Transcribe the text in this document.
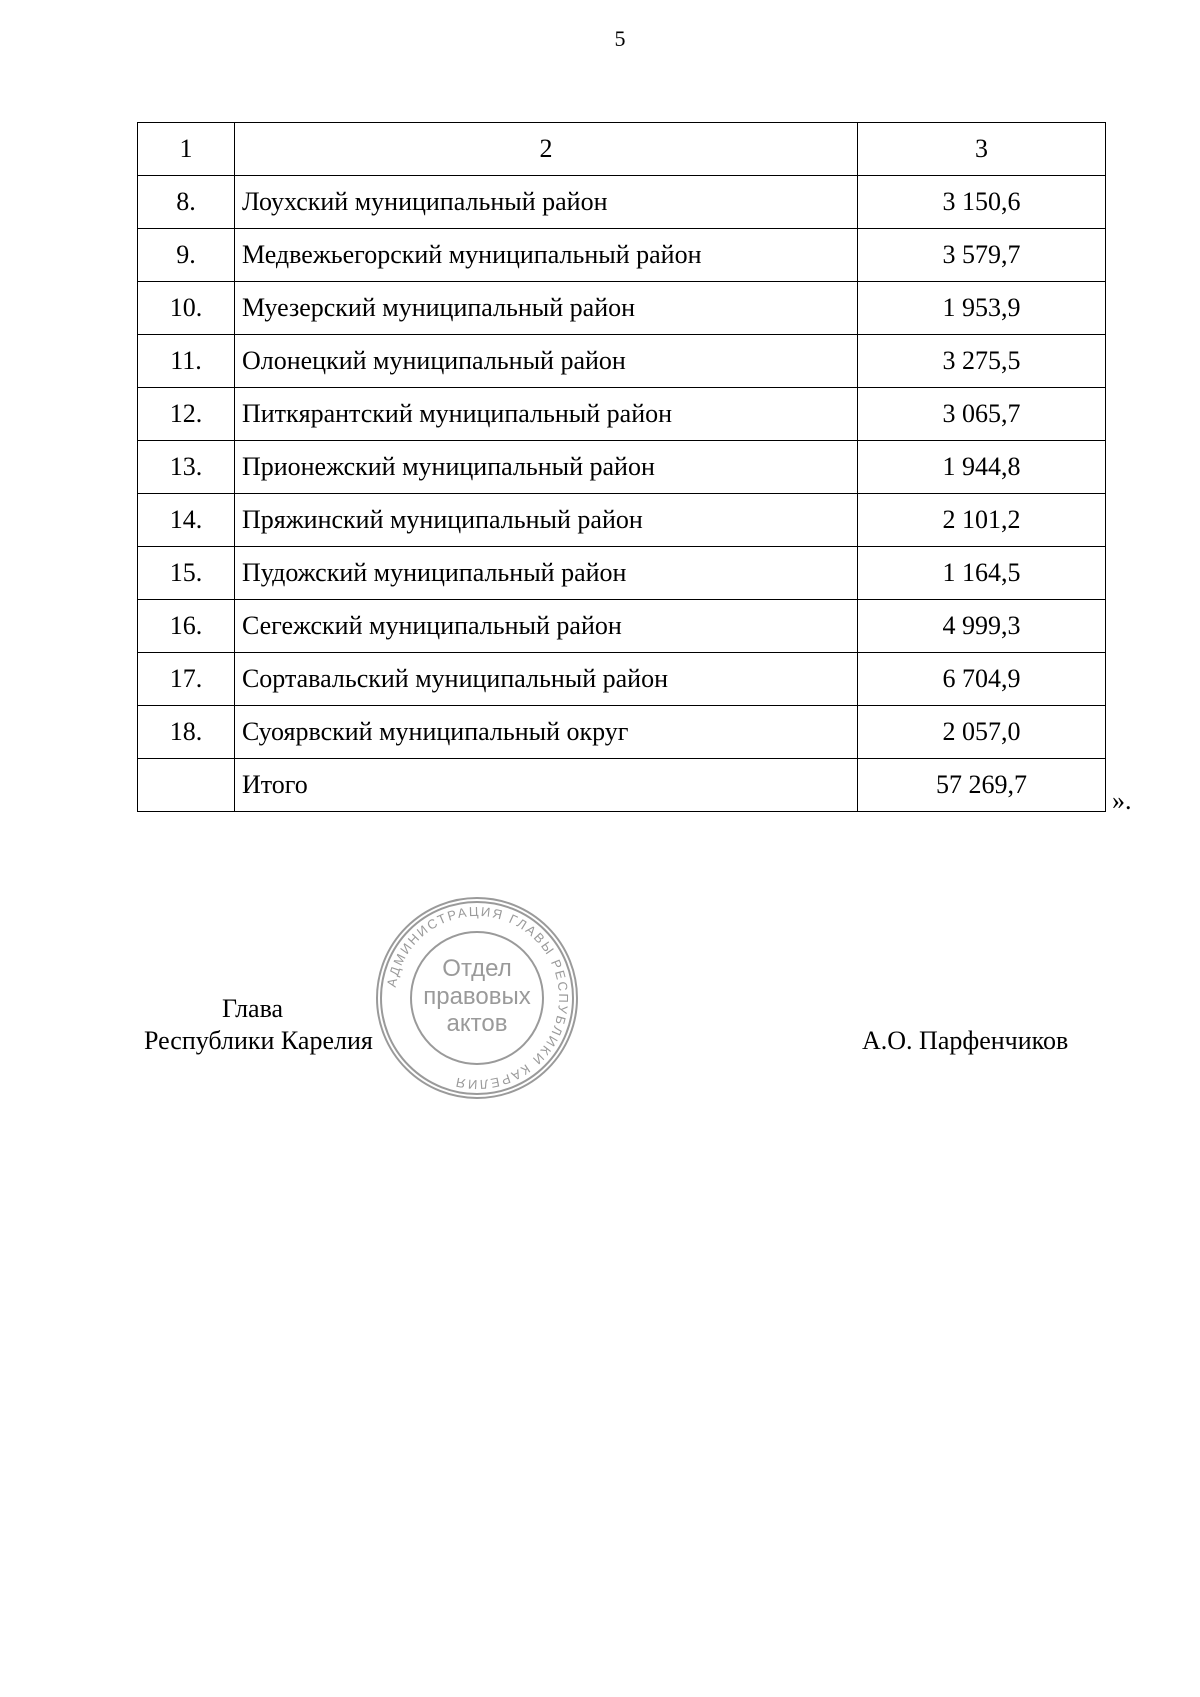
5
1	2	3
8.	Лоухский муниципальный район	3 150,6
9.	Медвежьегорский муниципальный район	3 579,7
10.	Муезерский муниципальный район	1 953,9
11.	Олонецкий муниципальный район	3 275,5
12.	Питкярантский муниципальный район	3 065,7
13.	Прионежский муниципальный район	1 944,8
14.	Пряжинский муниципальный район	2 101,2
15.	Пудожский муниципальный район	1 164,5
16.	Сегежский муниципальный район	4 999,3
17.	Сортавальский муниципальный район	6 704,9
18.	Суоярвский муниципальный округ	2 057,0
	Итого	57 269,7
».
АДМИНИСТРАЦИЯ ГЛАВЫ РЕСПУБЛИКИ КАРЕЛИЯ
Отдел
правовых
актов
Глава
Республики Карелия	А.О. Парфенчиков
